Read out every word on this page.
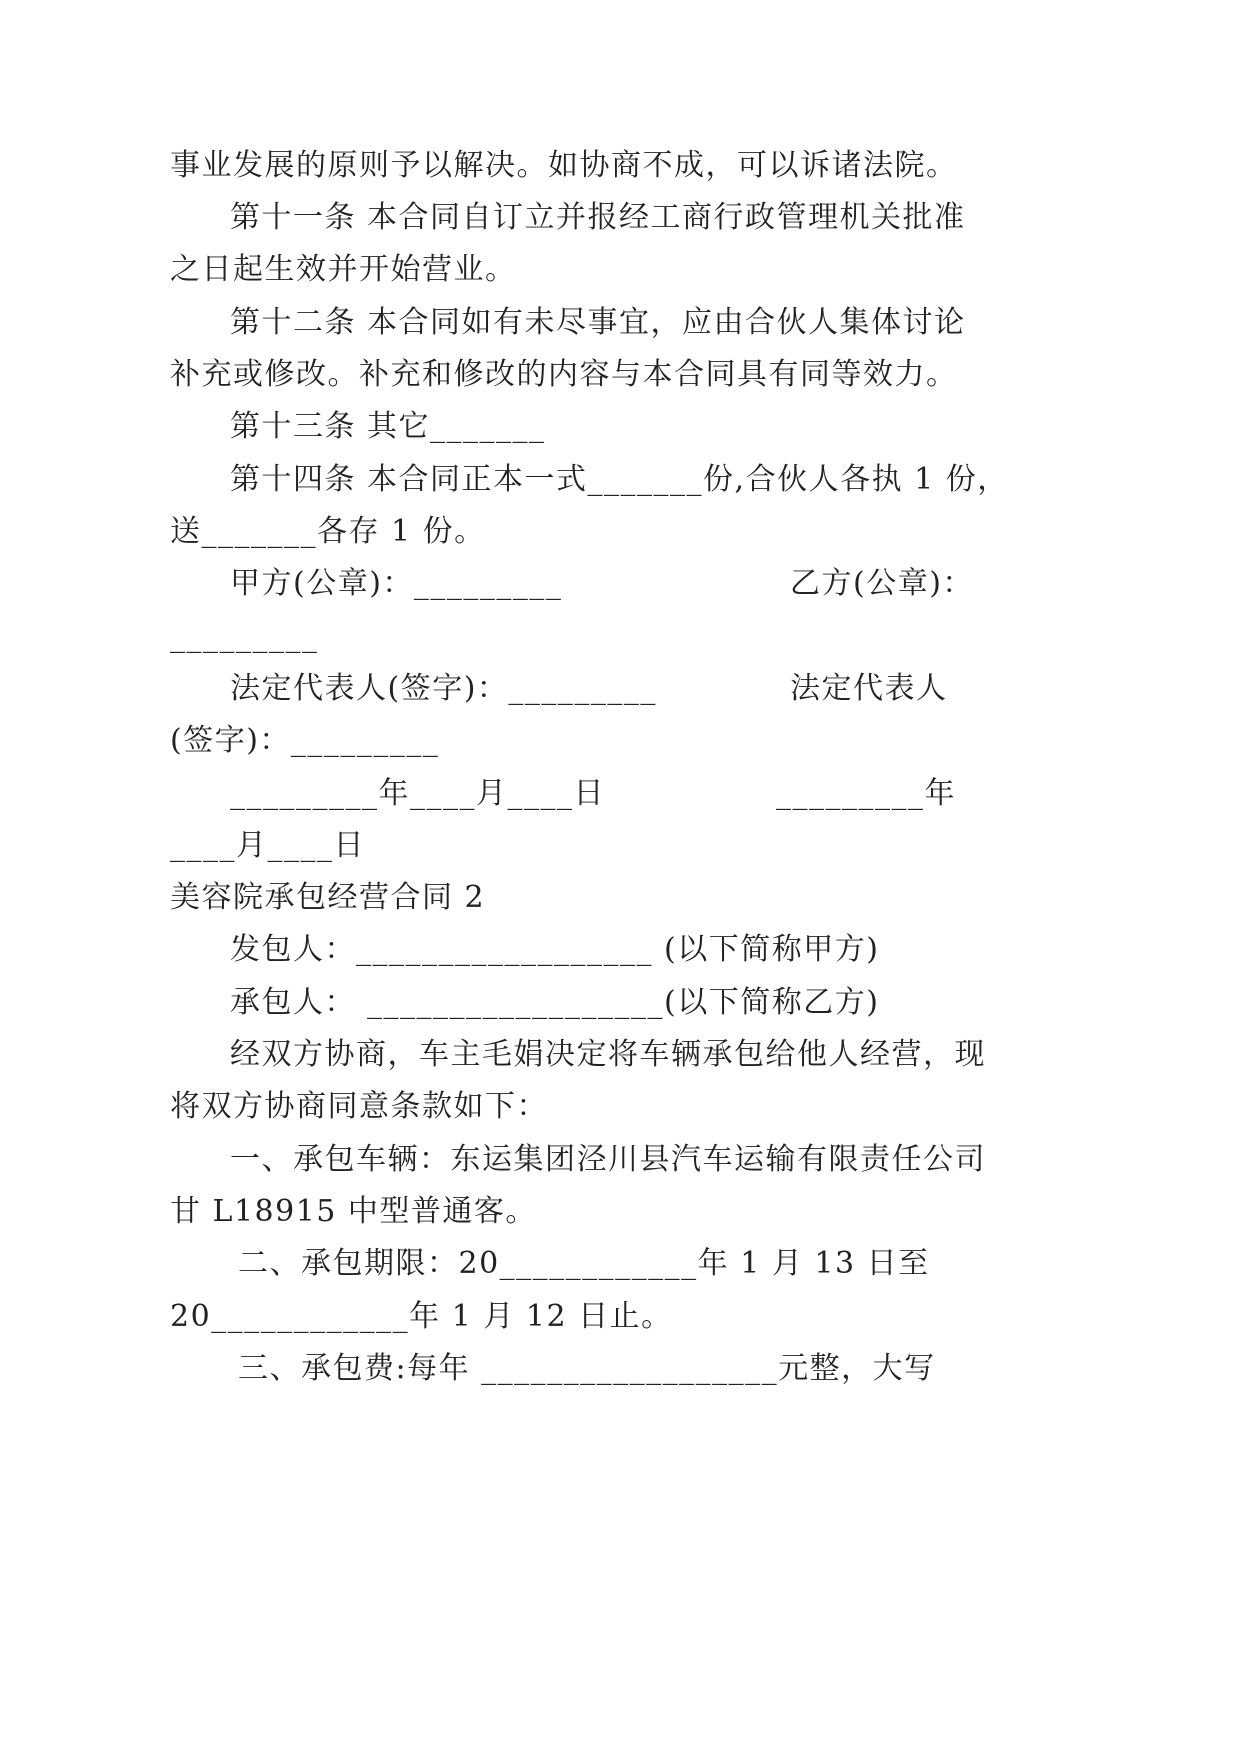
事业发展的原则予以解决。如协商不成，可以诉诸法院。
第十一条 本合同自订立并报经工商行政管理机关批准
之日起生效并开始营业。
第十二条 本合同如有未尽事宜，应由合伙人集体讨论
补充或修改。补充和修改的内容与本合同具有同等效力。
第十三条 其它_______
第十四条 本合同正本一式_______份,合伙人各执 1 份，
送_______各存 1 份。
甲方(公章)：_________	乙方(公章)：
_________
法定代表人(签字)：_________	法定代表人
(签字)：_________
_________年____月____日	_________年
____月____日
美容院承包经营合同 2
发包人：__________________ (以下简称甲方)
承包人： __________________(以下简称乙方)
经双方协商，车主毛娟决定将车辆承包给他人经营，现
将双方协商同意条款如下：
一、承包车辆：东运集团泾川县汽车运输有限责任公司
甘 L18915 中型普通客。
二、承包期限：20____________年 1 月 13 日至
20____________年 1 月 12 日止。
三、承包费:每年 __________________元整，大写
